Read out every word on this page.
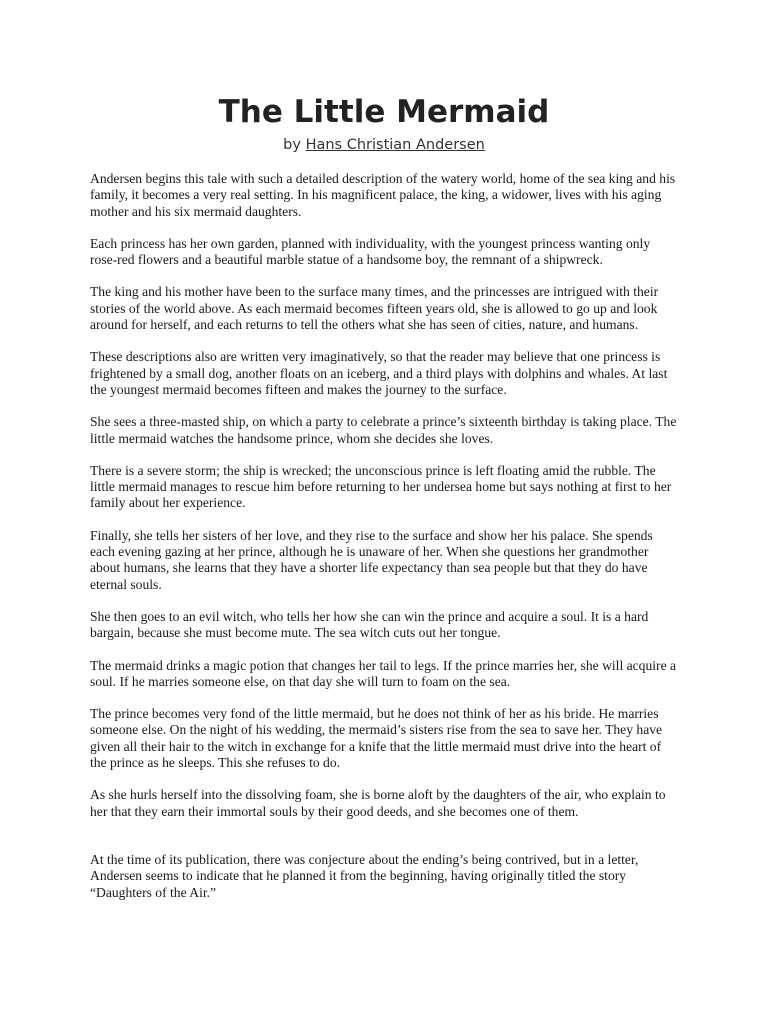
The Little Mermaid

by Hans Christian Andersen

Andersen begins this tale with such a detailed description of the watery world, home of the sea king and his family, it becomes a very real setting. In his magnificent palace, the king, a widower, lives with his aging mother and his six mermaid daughters.

Each princess has her own garden, planned with individuality, with the youngest princess wanting only rose-red flowers and a beautiful marble statue of a handsome boy, the remnant of a shipwreck.

The king and his mother have been to the surface many times, and the princesses are intrigued with their stories of the world above. As each mermaid becomes fifteen years old, she is allowed to go up and look around for herself, and each returns to tell the others what she has seen of cities, nature, and humans.

These descriptions also are written very imaginatively, so that the reader may believe that one princess is frightened by a small dog, another floats on an iceberg, and a third plays with dolphins and whales. At last the youngest mermaid becomes fifteen and makes the journey to the surface.

She sees a three-masted ship, on which a party to celebrate a prince’s sixteenth birthday is taking place. The little mermaid watches the handsome prince, whom she decides she loves.

There is a severe storm; the ship is wrecked; the unconscious prince is left floating amid the rubble. The little mermaid manages to rescue him before returning to her undersea home but says nothing at first to her family about her experience.

Finally, she tells her sisters of her love, and they rise to the surface and show her his palace. She spends each evening gazing at her prince, although he is unaware of her. When she questions her grandmother about humans, she learns that they have a shorter life expectancy than sea people but that they do have eternal souls.

She then goes to an evil witch, who tells her how she can win the prince and acquire a soul. It is a hard bargain, because she must become mute. The sea witch cuts out her tongue.

The mermaid drinks a magic potion that changes her tail to legs. If the prince marries her, she will acquire a soul. If he marries someone else, on that day she will turn to foam on the sea.

The prince becomes very fond of the little mermaid, but he does not think of her as his bride. He marries someone else. On the night of his wedding, the mermaid’s sisters rise from the sea to save her. They have given all their hair to the witch in exchange for a knife that the little mermaid must drive into the heart of the prince as he sleeps. This she refuses to do.

As she hurls herself into the dissolving foam, she is borne aloft by the daughters of the air, who explain to her that they earn their immortal souls by their good deeds, and she becomes one of them.

At the time of its publication, there was conjecture about the ending’s being contrived, but in a letter, Andersen seems to indicate that he planned it from the beginning, having originally titled the story “Daughters of the Air.”
